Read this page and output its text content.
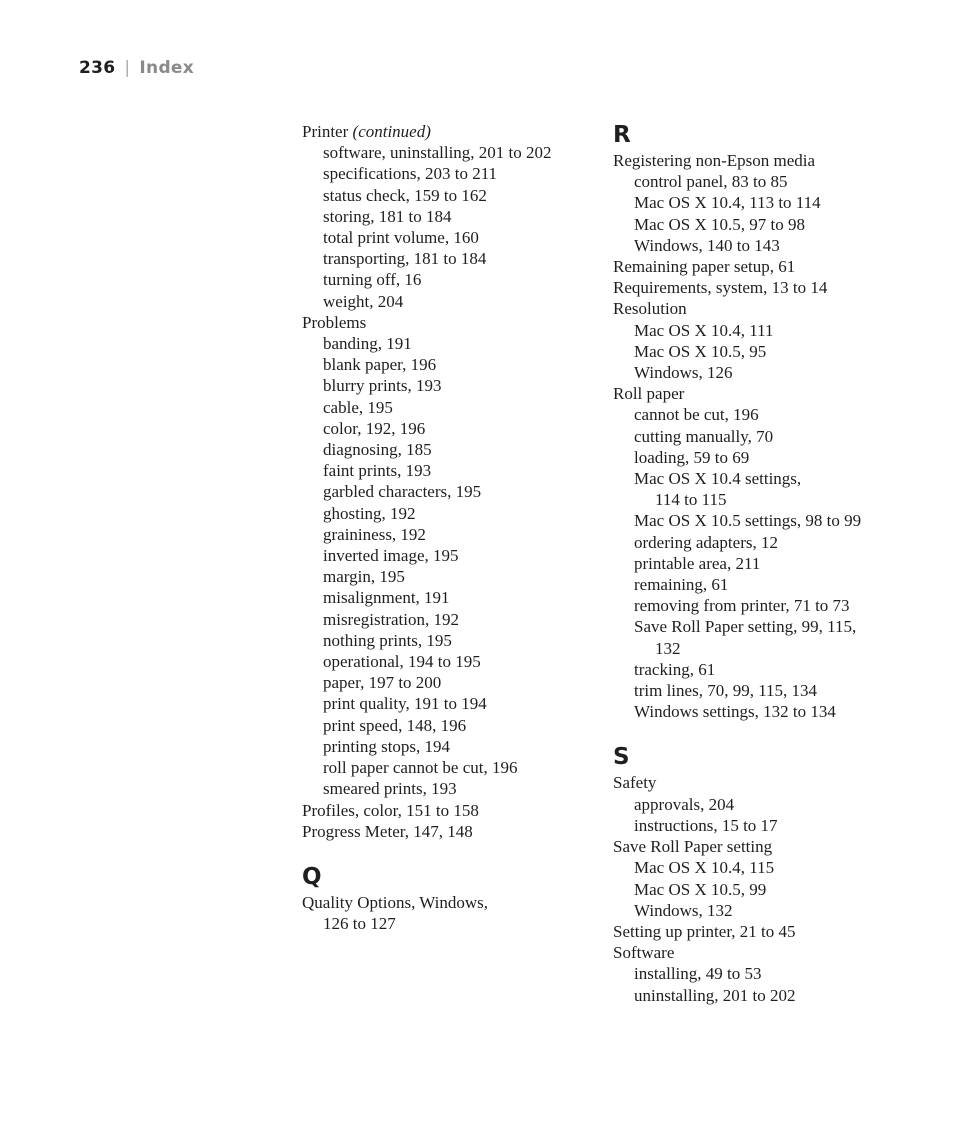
236 | Index
Printer (continued)
software, uninstalling, 201 to 202
specifications, 203 to 211
status check, 159 to 162
storing, 181 to 184
total print volume, 160
transporting, 181 to 184
turning off, 16
weight, 204
Problems
banding, 191
blank paper, 196
blurry prints, 193
cable, 195
color, 192, 196
diagnosing, 185
faint prints, 193
garbled characters, 195
ghosting, 192
graininess, 192
inverted image, 195
margin, 195
misalignment, 191
misregistration, 192
nothing prints, 195
operational, 194 to 195
paper, 197 to 200
print quality, 191 to 194
print speed, 148, 196
printing stops, 194
roll paper cannot be cut, 196
smeared prints, 193
Profiles, color, 151 to 158
Progress Meter, 147, 148
Q
Quality Options, Windows,
126 to 127
R
Registering non-Epson media
control panel, 83 to 85
Mac OS X 10.4, 113 to 114
Mac OS X 10.5, 97 to 98
Windows, 140 to 143
Remaining paper setup, 61
Requirements, system, 13 to 14
Resolution
Mac OS X 10.4, 111
Mac OS X 10.5, 95
Windows, 126
Roll paper
cannot be cut, 196
cutting manually, 70
loading, 59 to 69
Mac OS X 10.4 settings,
114 to 115
Mac OS X 10.5 settings, 98 to 99
ordering adapters, 12
printable area, 211
remaining, 61
removing from printer, 71 to 73
Save Roll Paper setting, 99, 115,
132
tracking, 61
trim lines, 70, 99, 115, 134
Windows settings, 132 to 134
S
Safety
approvals, 204
instructions, 15 to 17
Save Roll Paper setting
Mac OS X 10.4, 115
Mac OS X 10.5, 99
Windows, 132
Setting up printer, 21 to 45
Software
installing, 49 to 53
uninstalling, 201 to 202
